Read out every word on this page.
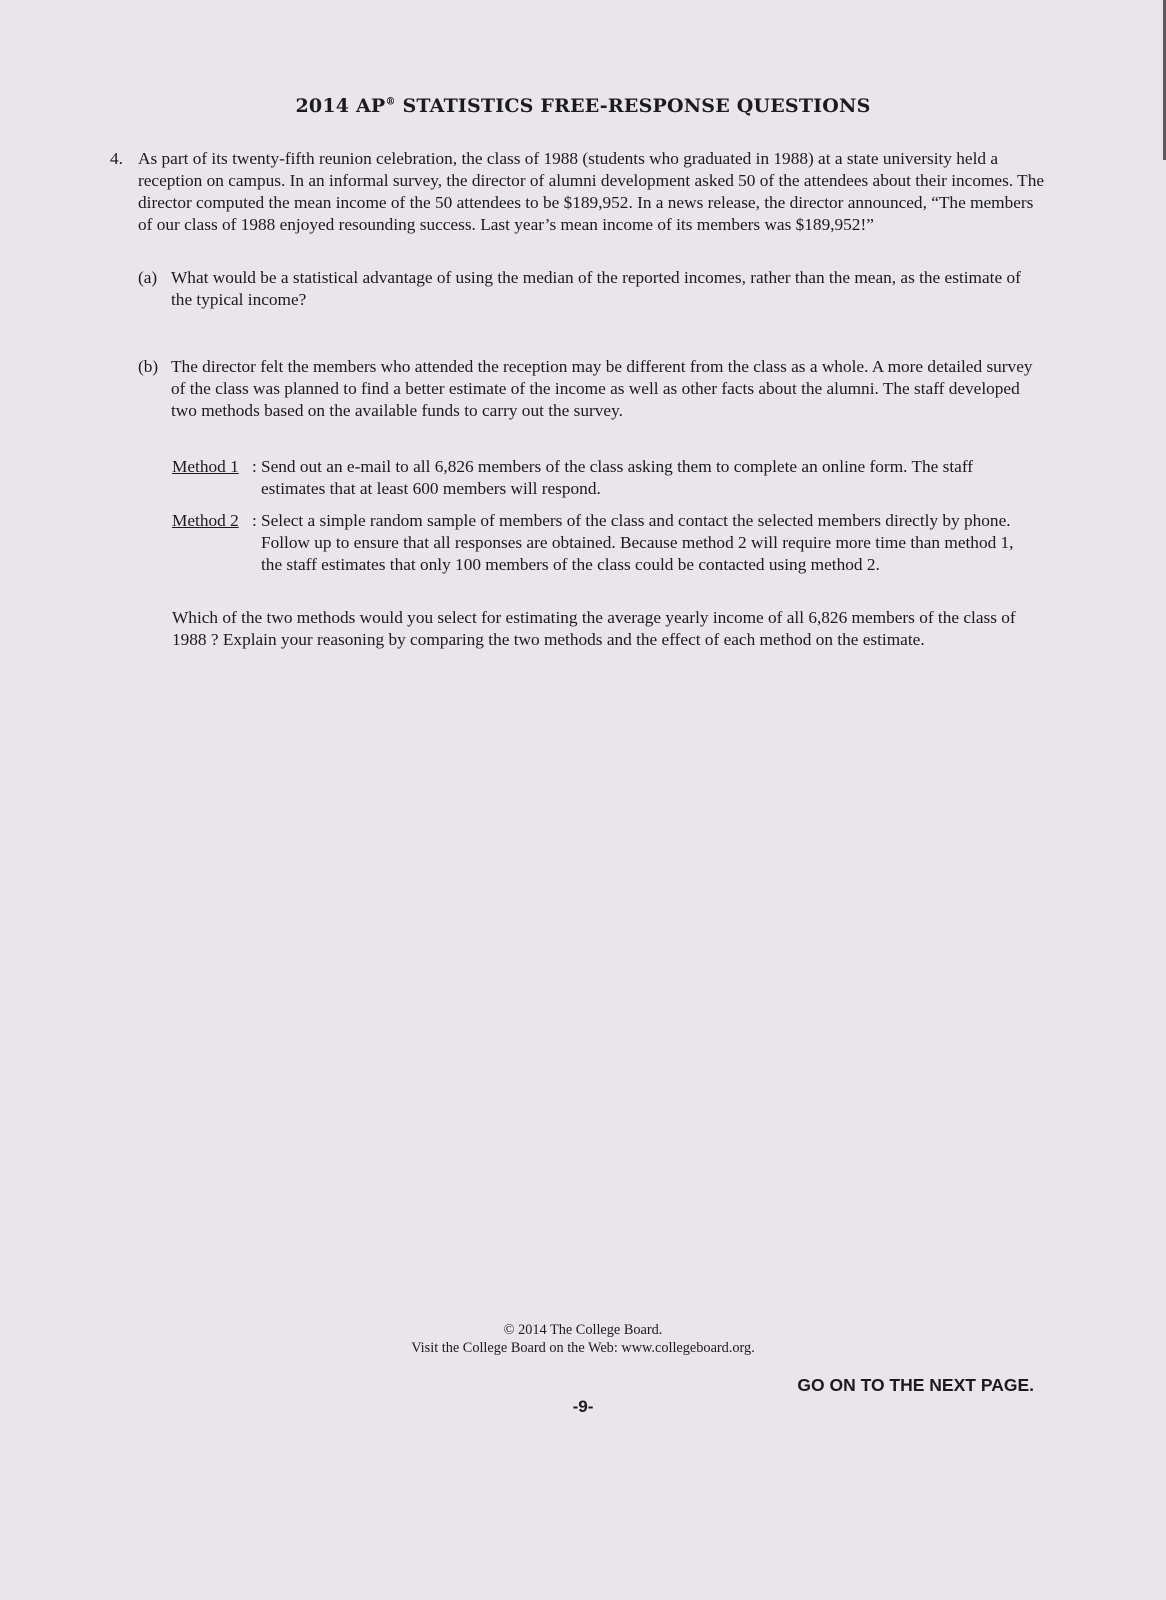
2014 AP® STATISTICS FREE-RESPONSE QUESTIONS
4. As part of its twenty-fifth reunion celebration, the class of 1988 (students who graduated in 1988) at a state university held a reception on campus. In an informal survey, the director of alumni development asked 50 of the attendees about their incomes. The director computed the mean income of the 50 attendees to be $189,952. In a news release, the director announced, “The members of our class of 1988 enjoyed resounding success. Last year’s mean income of its members was $189,952!”
(a) What would be a statistical advantage of using the median of the reported incomes, rather than the mean, as the estimate of the typical income?
(b) The director felt the members who attended the reception may be different from the class as a whole. A more detailed survey of the class was planned to find a better estimate of the income as well as other facts about the alumni. The staff developed two methods based on the available funds to carry out the survey.
Method 1 : Send out an e-mail to all 6,826 members of the class asking them to complete an online form. The staff estimates that at least 600 members will respond.
Method 2 : Select a simple random sample of members of the class and contact the selected members directly by phone. Follow up to ensure that all responses are obtained. Because method 2 will require more time than method 1, the staff estimates that only 100 members of the class could be contacted using method 2.
Which of the two methods would you select for estimating the average yearly income of all 6,826 members of the class of 1988 ? Explain your reasoning by comparing the two methods and the effect of each method on the estimate.
© 2014 The College Board.
Visit the College Board on the Web: www.collegeboard.org.
GO ON TO THE NEXT PAGE.
-9-
